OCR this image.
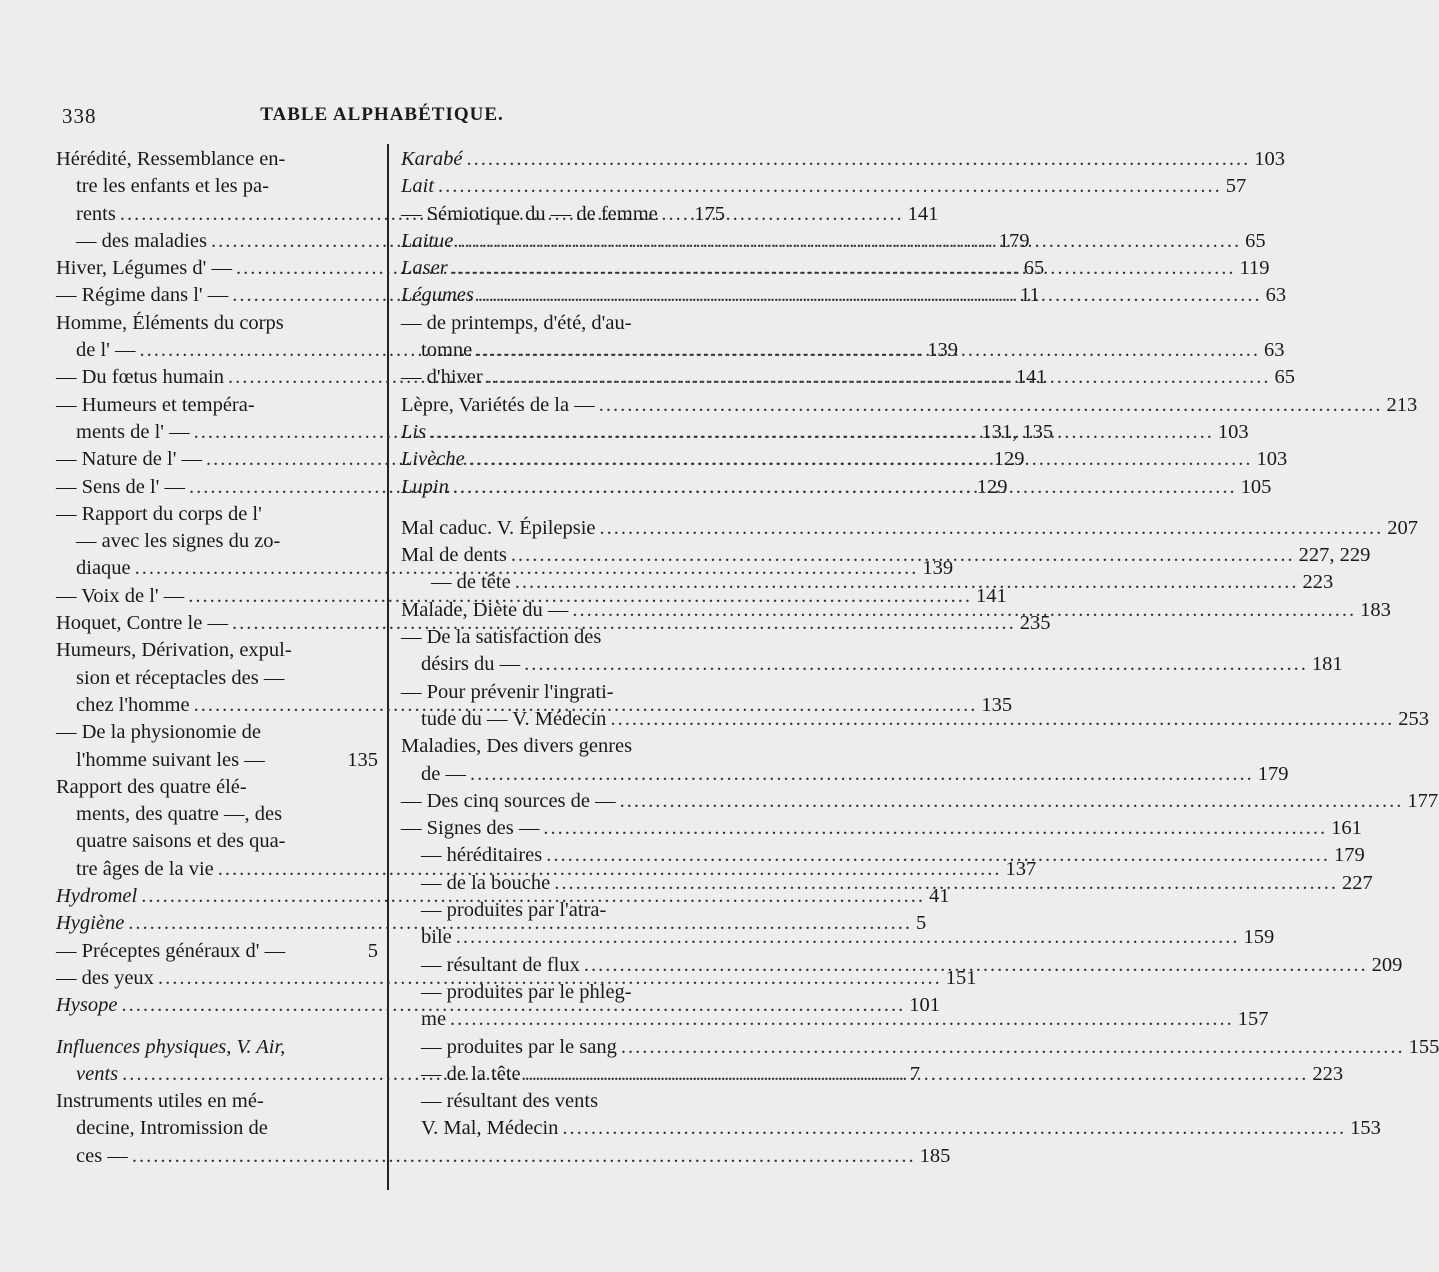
338	TABLE ALPHABÉTIQUE.
Hérédité, Ressemblance en-
tre les enfants et les pa-
rents .....	141
— des maladies .....	179
Hiver, Légumes d' — .....	65
— Régime dans l' — .....	11
Homme, Éléments du corps
de l' — .....	139
— Du fœtus humain .....	141
— Humeurs et tempéra-
ments de l' — .....	131, 135
— Nature de l' — .....	129
— Sens de l' — .....	129
— Rapport du corps de l'
— avec les signes du zo-
diaque .....	139
— Voix de l' — .....	141
Hoquet, Contre le — .....	235
Humeurs, Dérivation, expul-
sion et réceptacles des —
chez l'homme .....	135
— De la physionomie de
l'homme suivant les —	135
Rapport des quatre élé-
ments, des quatre —, des
quatre saisons et des qua-
tre âges de la vie .....	137
Hydromel .....	41
Hygiène .....	5
— Préceptes généraux d' —	5
— des yeux .....	151
Hysope .....	101
Influences physiques, V. Air,
vents .....	7
Instruments utiles en mé-
decine, Intromission de
ces — .....	185
Karabé .....	103
Lait .....	57
— Sémiotique du — de femme 175
Laitue .....	65
Laser .....	119
Légumes .....	63
— de printemps, d'été, d'au-
tomne .....	63
— d'hiver .....	65
Lèpre, Variétés de la — .....	213
Lis .....	103
Livèche .....	103
Lupin .....	105
Mal caduc. V. Épilepsie .....	207
Mal de dents .....	227, 229
— de tête .....	223
Malade, Diète du — .....	183
— De la satisfaction des
désirs du — .....	181
— Pour prévenir l'ingrati-
tude du — V. Médecin .....	253
Maladies, Des divers genres
de — .....	179
— Des cinq sources de — .....	177
— Signes des — .....	161
— héréditaires .....	179
— de la bouche .....	227
— produites par l'atra-
bile .....	159
— résultant de flux .....	209
— produites par le phleg-
me .....	157
— produites par le sang .....	155
— de la tête .....	223
— résultant des vents
V. Mal, Médecin .....	153
